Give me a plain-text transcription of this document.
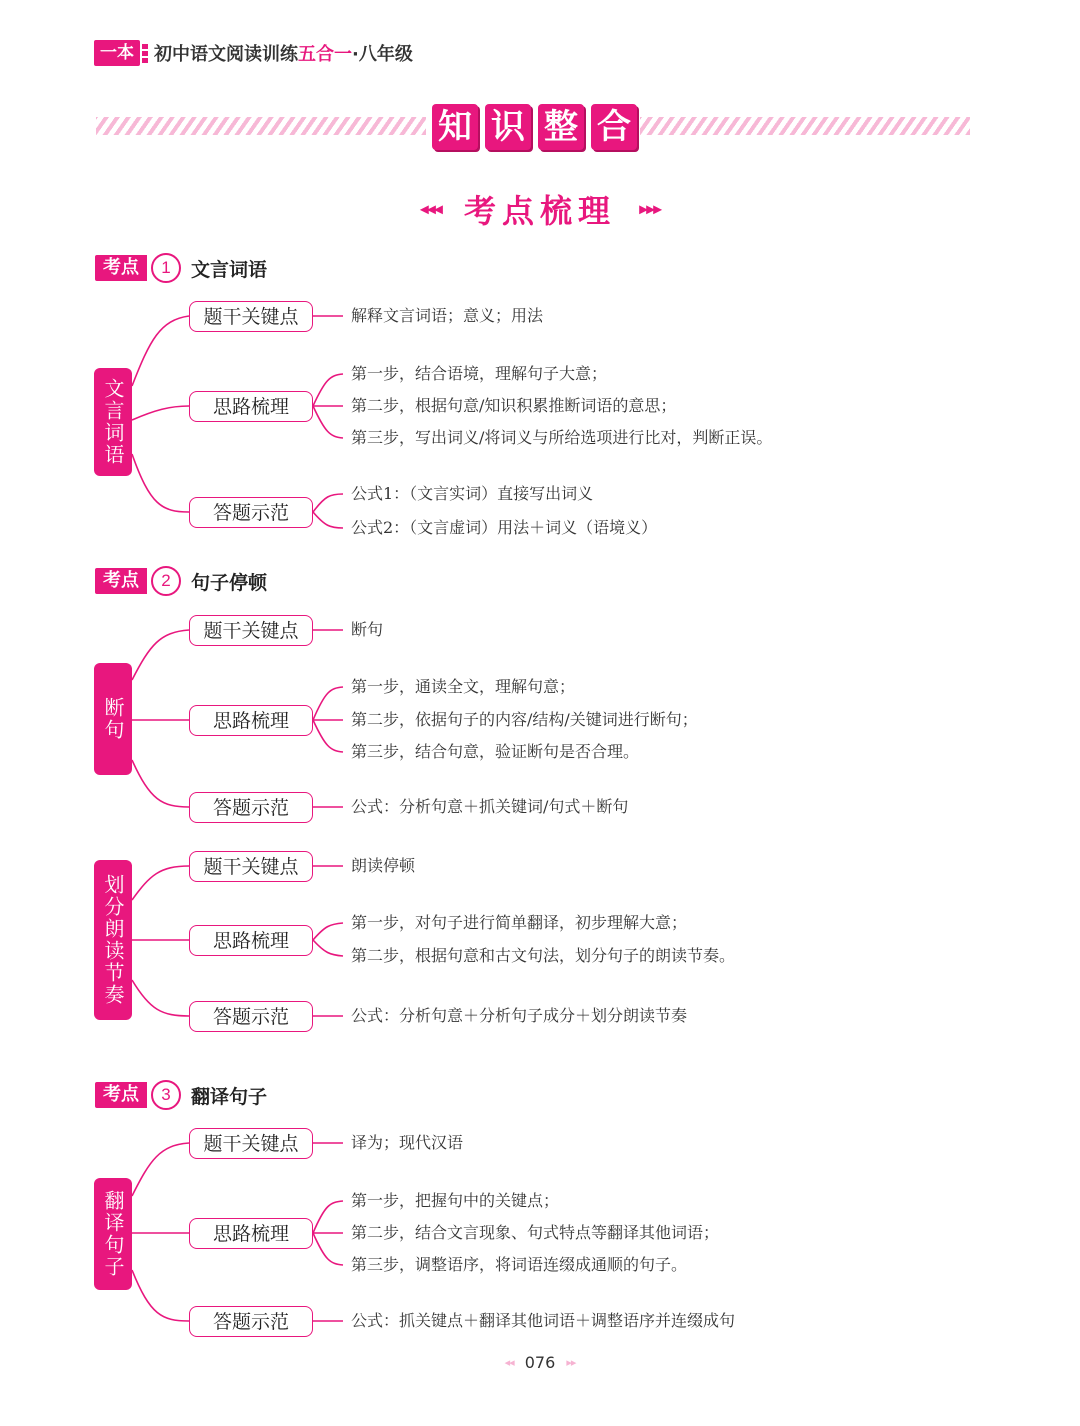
一本	初中语文阅读训练五合一·八年级
知 识 整 合
◂◂◂ 考点梳理 ▸▸▸
考点	1	文言词语
文言词语
题干关键点	解释文言词语；意义；用法
思路梳理
第一步，结合语境，理解句子大意；
第二步，根据句意/知识积累推断词语的意思；
第三步，写出词义/将词义与所给选项进行比对，判断正误。
答题示范
公式1：（文言实词）直接写出词义
公式2：（文言虚词）用法＋词义（语境义）
考点	2	句子停顿
断句
题干关键点	断句
思路梳理
第一步，通读全文，理解句意；
第二步，依据句子的内容/结构/关键词进行断句；
第三步，结合句意，验证断句是否合理。
答题示范	公式：分析句意＋抓关键词/句式＋断句
划分朗读节奏
题干关键点	朗读停顿
思路梳理
第一步，对句子进行简单翻译，初步理解大意；
第二步，根据句意和古文句法，划分句子的朗读节奏。
答题示范	公式：分析句意＋分析句子成分＋划分朗读节奏
考点	3	翻译句子
翻译句子
题干关键点	译为；现代汉语
思路梳理
第一步，把握句中的关键点；
第二步，结合文言现象、句式特点等翻译其他词语；
第三步，调整语序，将词语连缀成通顺的句子。
答题示范	公式：抓关键点＋翻译其他词语＋调整语序并连缀成句
◂◂ 076 ▸▸
